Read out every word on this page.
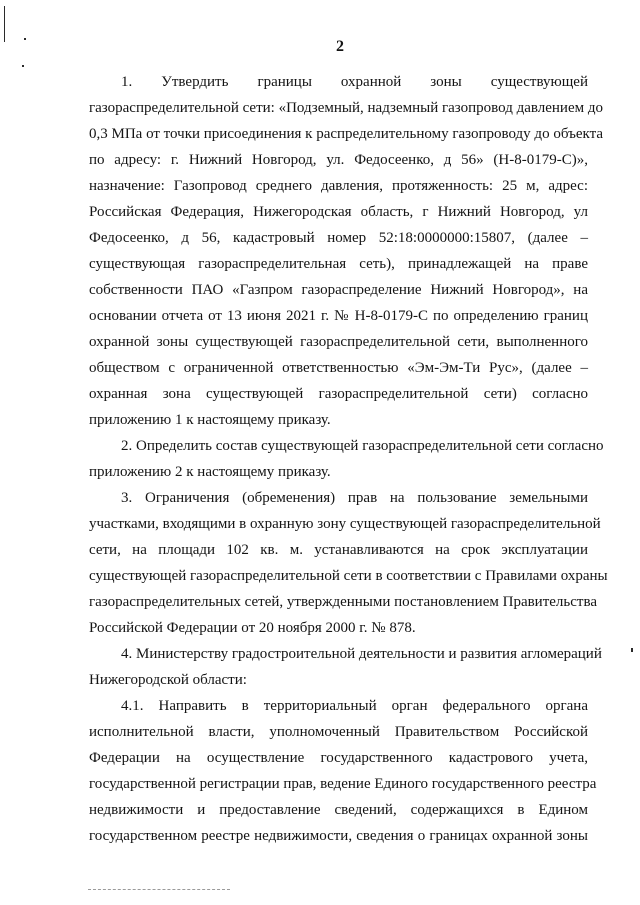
2
1. Утвердить границы охранной зоны существующей
газораспределительной сети: «Подземный, надземный газопровод давлением до
0,3 МПа от точки присоединения к распределительному газопроводу до объекта
по адресу: г. Нижний Новгород, ул. Федосеенко, д 56» (Н-8-0179-С)»,
назначение: Газопровод среднего давления, протяженность: 25 м, адрес:
Российская Федерация, Нижегородская область, г Нижний Новгород, ул
Федосеенко, д 56, кадастровый номер 52:18:0000000:15807, (далее –
существующая газораспределительная сеть), принадлежащей на праве
собственности ПАО «Газпром газораспределение Нижний Новгород», на
основании отчета от 13 июня 2021 г. № Н-8-0179-С по определению границ
охранной зоны существующей газораспределительной сети, выполненного
обществом с ограниченной ответственностью «Эм-Эм-Ти Рус», (далее –
охранная зона существующей газораспределительной сети) согласно
приложению 1 к настоящему приказу.
2. Определить состав существующей газораспределительной сети согласно
приложению 2 к настоящему приказу.
3. Ограничения (обременения) прав на пользование земельными
участками, входящими в охранную зону существующей газораспределительной
сети, на площади 102 кв. м. устанавливаются на срок эксплуатации
существующей газораспределительной сети в соответствии с Правилами охраны
газораспределительных сетей, утвержденными постановлением Правительства
Российской Федерации от 20 ноября 2000 г. № 878.
4. Министерству градостроительной деятельности и развития агломераций
Нижегородской области:
4.1. Направить в территориальный орган федерального органа
исполнительной власти, уполномоченный Правительством Российской
Федерации на осуществление государственного кадастрового учета,
государственной регистрации прав, ведение Единого государственного реестра
недвижимости и предоставление сведений, содержащихся в Едином
государственном реестре недвижимости, сведения о границах охранной зоны
